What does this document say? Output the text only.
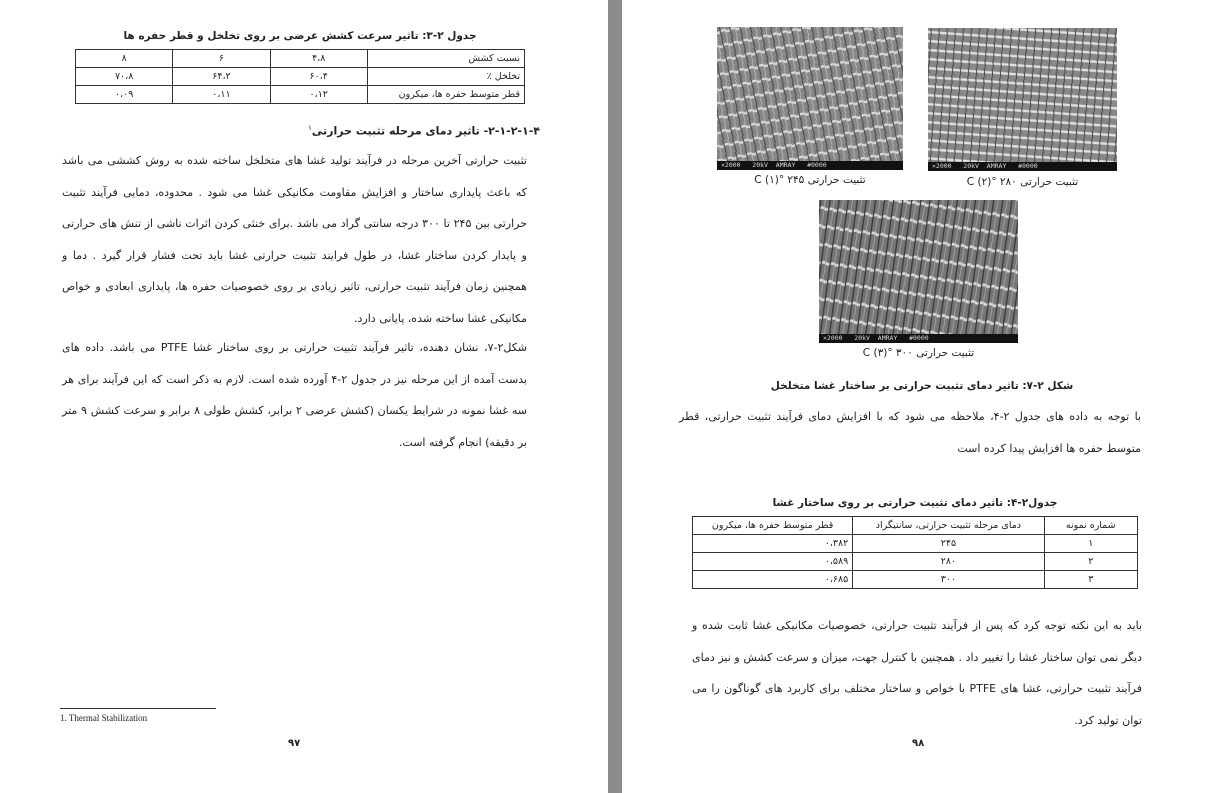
جدول ۲-۳: تاثیر سرعت کشش عرضی بر روی تخلخل و قطر حفره ها
نسبت کشش	۴،۸	۶	۸
تخلخل ٪	۶۰،۴	۶۴،۲	۷۰،۸
قطر متوسط حفره ها، میکرون	۰،۱۲	۰،۱۱	۰،۰۹
۲-۱-۲-۱-۴- تاثیر دمای مرحله تثبیت حرارتی$^۱$
تثبیت حرارتی آخرین مرحله در فرآیند تولید غشا های متخلخل ساخته شده به روش کششی می باشد که باعث پایداری ساختار و افزایش مقاومت مکانیکی غشا می شود . محدوده، دمایی فرآیند تثبیت حرارتی بین ۲۴۵ تا ۳۰۰ درجه سانتی گراد می باشد .برای خنثی کردن اثرات ناشی از تنش های حرارتی و پایدار کردن ساختار غشا، در طول فرایند تثبیت حرارتی غشا باید تحت فشار قرار گیرد . دما و همچنین زمان فرآیند تثبیت حرارتی، تاثیر زیادی بر روی خصوصیات حفره ها، پایداری ابعادی و خواص مکانیکی غشا ساخته شده، پایانی دارد.
شکل۲-۷، نشان دهنده، تاثیر فرآیند تثبیت حرارتی بر روی ساختار غشا PTFE می باشد. داده های بدست آمده از این مرحله نیز در جدول ۲-۴ آورده شده است. لازم به ذکر است که این فرآیند برای هر سه غشا نمونه در شرایط یکسان (کشش عرضی ۲ برابر، کشش طولی ۸ برابر و سرعت کشش ۹ متر بر دقیقه) انجام گرفته است.
1. Thermal Stabilization
۹۷
×2000   20kV  AMRAY   #0000
تثبیت حرارتی ۲۴۵ °C (۱)
×2000   20kV  AMRAY   #0000
تثبیت حرارتی ۲۸۰ °C (۲)
×2000   20kV  AMRAY   #0000
تثبیت حرارتی ۳۰۰ °C (۳)
شکل ۲-۷: تاثیر دمای تثبیت حرارتی بر ساختار غشا متخلخل
با توجه به داده های جدول ۲-۴، ملاحظه می شود که با افزایش دمای فرآیند تثبیت حرارتی، قطر متوسط حفره ها افزایش پیدا کرده است
جدول۲-۴: تاثیر دمای تثبیت حرارتی بر روی ساختار غشا
شماره نمونه	دمای مرحله تثبیت حرارتی، سانتیگراد	قطر متوسط حفره ها، میکرون
۱	۲۴۵	۰،۳۸۲
۲	۲۸۰	۰،۵۸۹
۳	۳۰۰	۰،۶۸۵
باید به این نکته توجه کرد که پس از فرآیند تثبیت حرارتی، خصوصیات مکانیکی غشا ثابت شده و دیگر نمی توان ساختار غشا را تغییر داد . همچنین با کنترل جهت، میزان و سرعت کشش و نیز دمای فرآیند تثبیت حرارتی، غشا های PTFE با خواص و ساختار مختلف برای کاربرد های گوناگون را می توان تولید کرد.
۹۸
